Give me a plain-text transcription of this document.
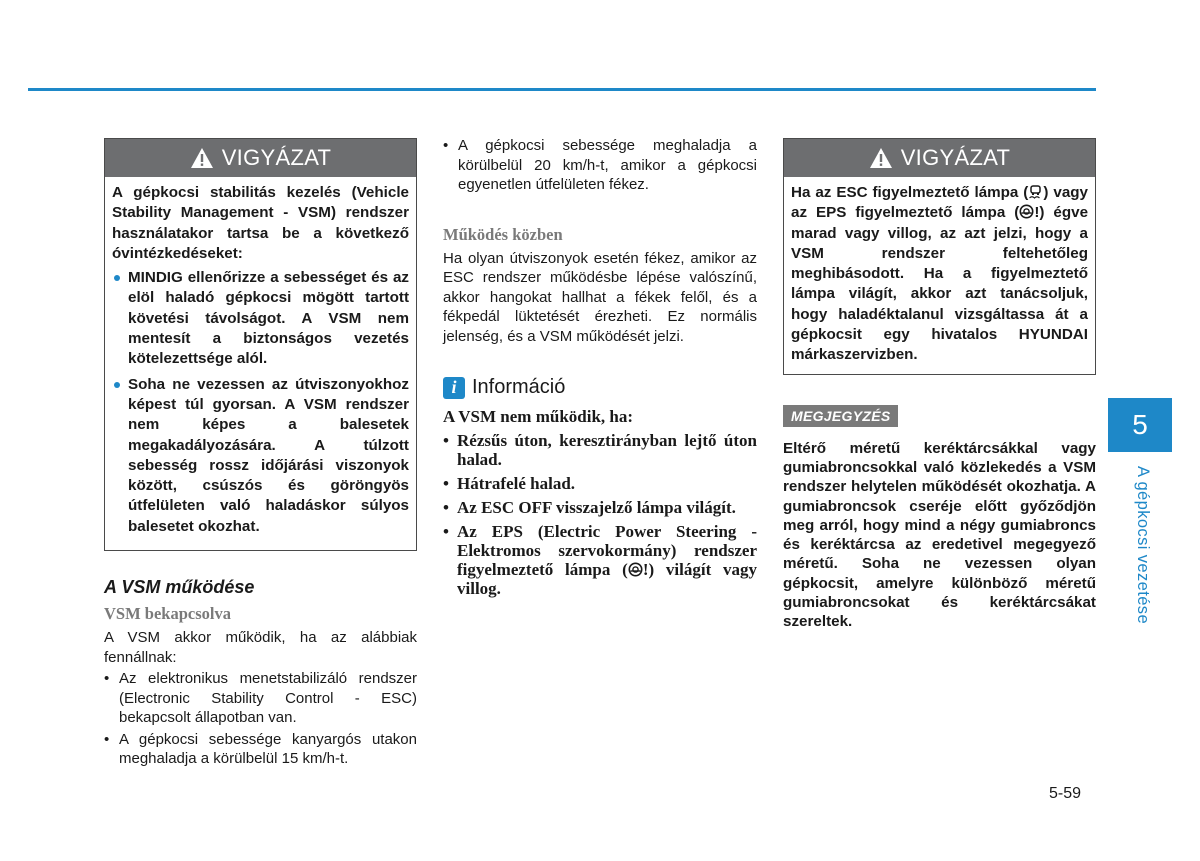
VIGYÁZAT

A gépkocsi stabilitás kezelés (Vehicle Stability Management - VSM) rendszer használatakor tartsa be a következő óvintézkedéseket:

MINDIG ellenőrizze a sebességet és az elöl haladó gépkocsi mögött tartott követési távolságot. A VSM nem mentesít a biztonságos vezetés kötelezettsége alól.
Soha ne vezessen az útviszonyokhoz képest túl gyorsan. A VSM rendszer nem képes a balesetek megakadályozására. A túlzott sebesség rossz időjárási viszonyok között, csúszós és göröngyös útfelületen való haladáskor súlyos balesetet okozhat.
A VSM működése
VSM bekapcsolva

A VSM akkor működik, ha az alábbiak fennállnak:

• Az elektronikus menetstabilizáló rendszer (Electronic Stability Control - ESC) bekapcsolt állapotban van.
• A gépkocsi sebessége kanyargós utakon meghaladja a körülbelül 15 km/h-t.
• A gépkocsi sebessége meghaladja a körülbelül 20 km/h-t, amikor a gépkocsi egyenetlen útfelületen fékez.
Működés közben

Ha olyan útviszonyok esetén fékez, amikor az ESC rendszer működésbe lépése valószínű, akkor hangokat hallhat a fékek felől, és a fékpedál lüktetését érezheti. Ez normális jelenség, és a VSM működését jelzi.

i Információ
A VSM nem működik, ha:
• Rézsűs úton, keresztirányban lejtő úton halad.
• Hátrafelé halad.
• Az ESC OFF visszajelző lámpa világít.
• Az EPS (Electric Power Steering - Elektromos szervokormány) rendszer figyelmeztető lámpa ( !) világít vagy villog.
VIGYÁZAT

Ha az ESC figyelmeztető lámpa ( ) vagy az EPS figyelmeztető lámpa ( !) égve marad vagy villog, az azt jelzi, hogy a VSM rendszer feltehetőleg meghibásodott. Ha a figyelmeztető lámpa világít, akkor azt tanácsoljuk, hogy haladéktalanul vizsgáltassa át a gépkocsit egy hivatalos HYUNDAI márkaszervizben.

MEGJEGYZÉS

Eltérő méretű keréktárcsákkal vagy gumiabroncsokkal való közlekedés a VSM rendszer helytelen működését okozhatja. A gumiabroncsok cseréje előtt győződjön meg arról, hogy mind a négy gumiabroncs és keréktárcsa az eredetivel megegyező méretű. Soha ne vezessen olyan gépkocsit, amelyre különböző méretű gumiabroncsokat és keréktárcsákat szereltek.

5
A gépkocsi vezetése
5-59
